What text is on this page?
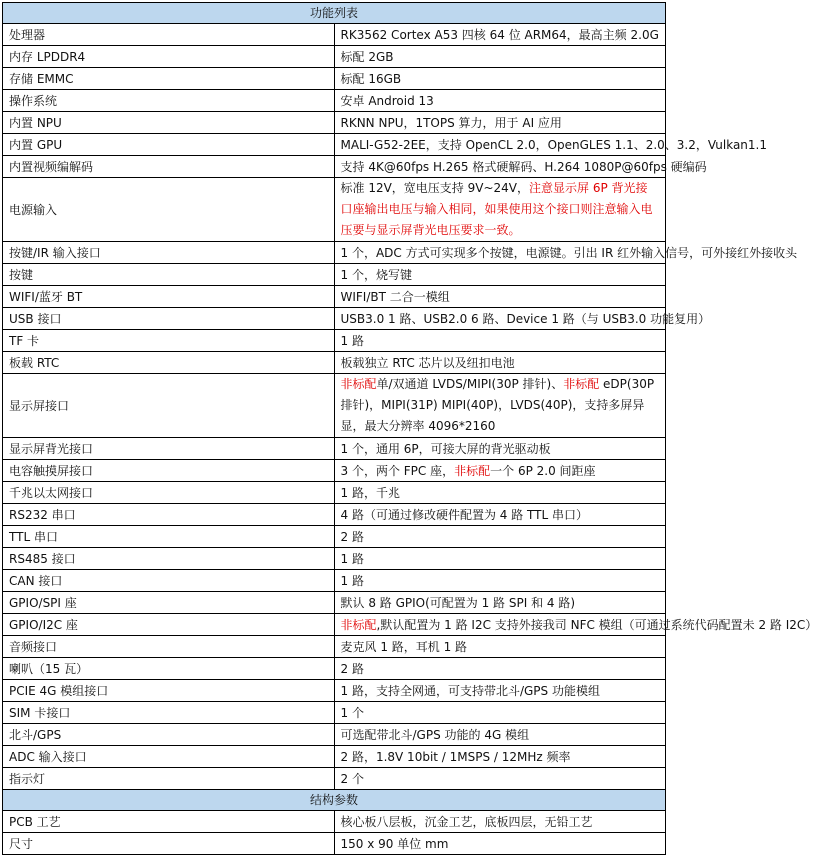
功能列表	
处理器	RK3562 Cortex A53 四核 64 位 ARM64，最高主频 2.0G
内存 LPDDR4	标配 2GB
存储 EMMC	标配 16GB
操作系统	安卓 Android 13
内置 NPU	RKNN NPU，1TOPS 算力，用于 AI 应用
内置 GPU	MALI-G52-2EE，支持 OpenCL 2.0，OpenGLES 1.1、2.0、3.2，Vulkan1.1
内置视频编解码	支持 4K@60fps H.265 格式硬解码、H.264 1080P@60fps 硬编码
电源输入	标准 12V，宽电压支持 9V~24V，注意显示屏 6P 背光接口座输出电压与输入相同，如果使用这个接口则注意输入电压要与显示屏背光电压要求一致。
按键/IR 输入接口	1 个，ADC 方式可实现多个按键，电源键。引出 IR 红外输入信号，可外接红外接收头
按键	1 个，烧写键
WIFI/蓝牙 BT	WIFI/BT 二合一模组
USB 接口	USB3.0 1 路、USB2.0 6 路、Device 1 路（与 USB3.0 功能复用）
TF 卡	1 路
板载 RTC	板载独立 RTC 芯片以及纽扣电池
显示屏接口	非标配单/双通道 LVDS/MIPI(30P 排针)、非标配 eDP(30P 排针)，MIPI(31P) MIPI(40P)，LVDS(40P)，支持多屏异显，最大分辨率 4096*2160
显示屏背光接口	1 个，通用 6P，可接大屏的背光驱动板
电容触摸屏接口	3 个，两个 FPC 座，非标配一个 6P 2.0 间距座
千兆以太网接口	1 路，千兆
RS232 串口	4 路（可通过修改硬件配置为 4 路 TTL 串口）
TTL 串口	2 路
RS485 接口	1 路
CAN 接口	1 路
GPIO/SPI 座	默认 8 路 GPIO(可配置为 1 路 SPI 和 4 路)
GPIO/I2C 座	非标配,默认配置为 1 路 I2C 支持外接我司 NFC 模组（可通过系统代码配置未 2 路 I2C）
音频接口	麦克风 1 路，耳机 1 路
喇叭（15 瓦）	2 路
PCIE 4G 模组接口	1 路，支持全网通，可支持带北斗/GPS 功能模组
SIM 卡接口	1 个
北斗/GPS	可选配带北斗/GPS 功能的 4G 模组
ADC 输入接口	2 路，1.8V 10bit / 1MSPS / 12MHz 频率
指示灯	2 个
结构参数	
PCB 工艺	核心板八层板，沉金工艺，底板四层，无铅工艺
尺寸	150 x 90 单位 mm
